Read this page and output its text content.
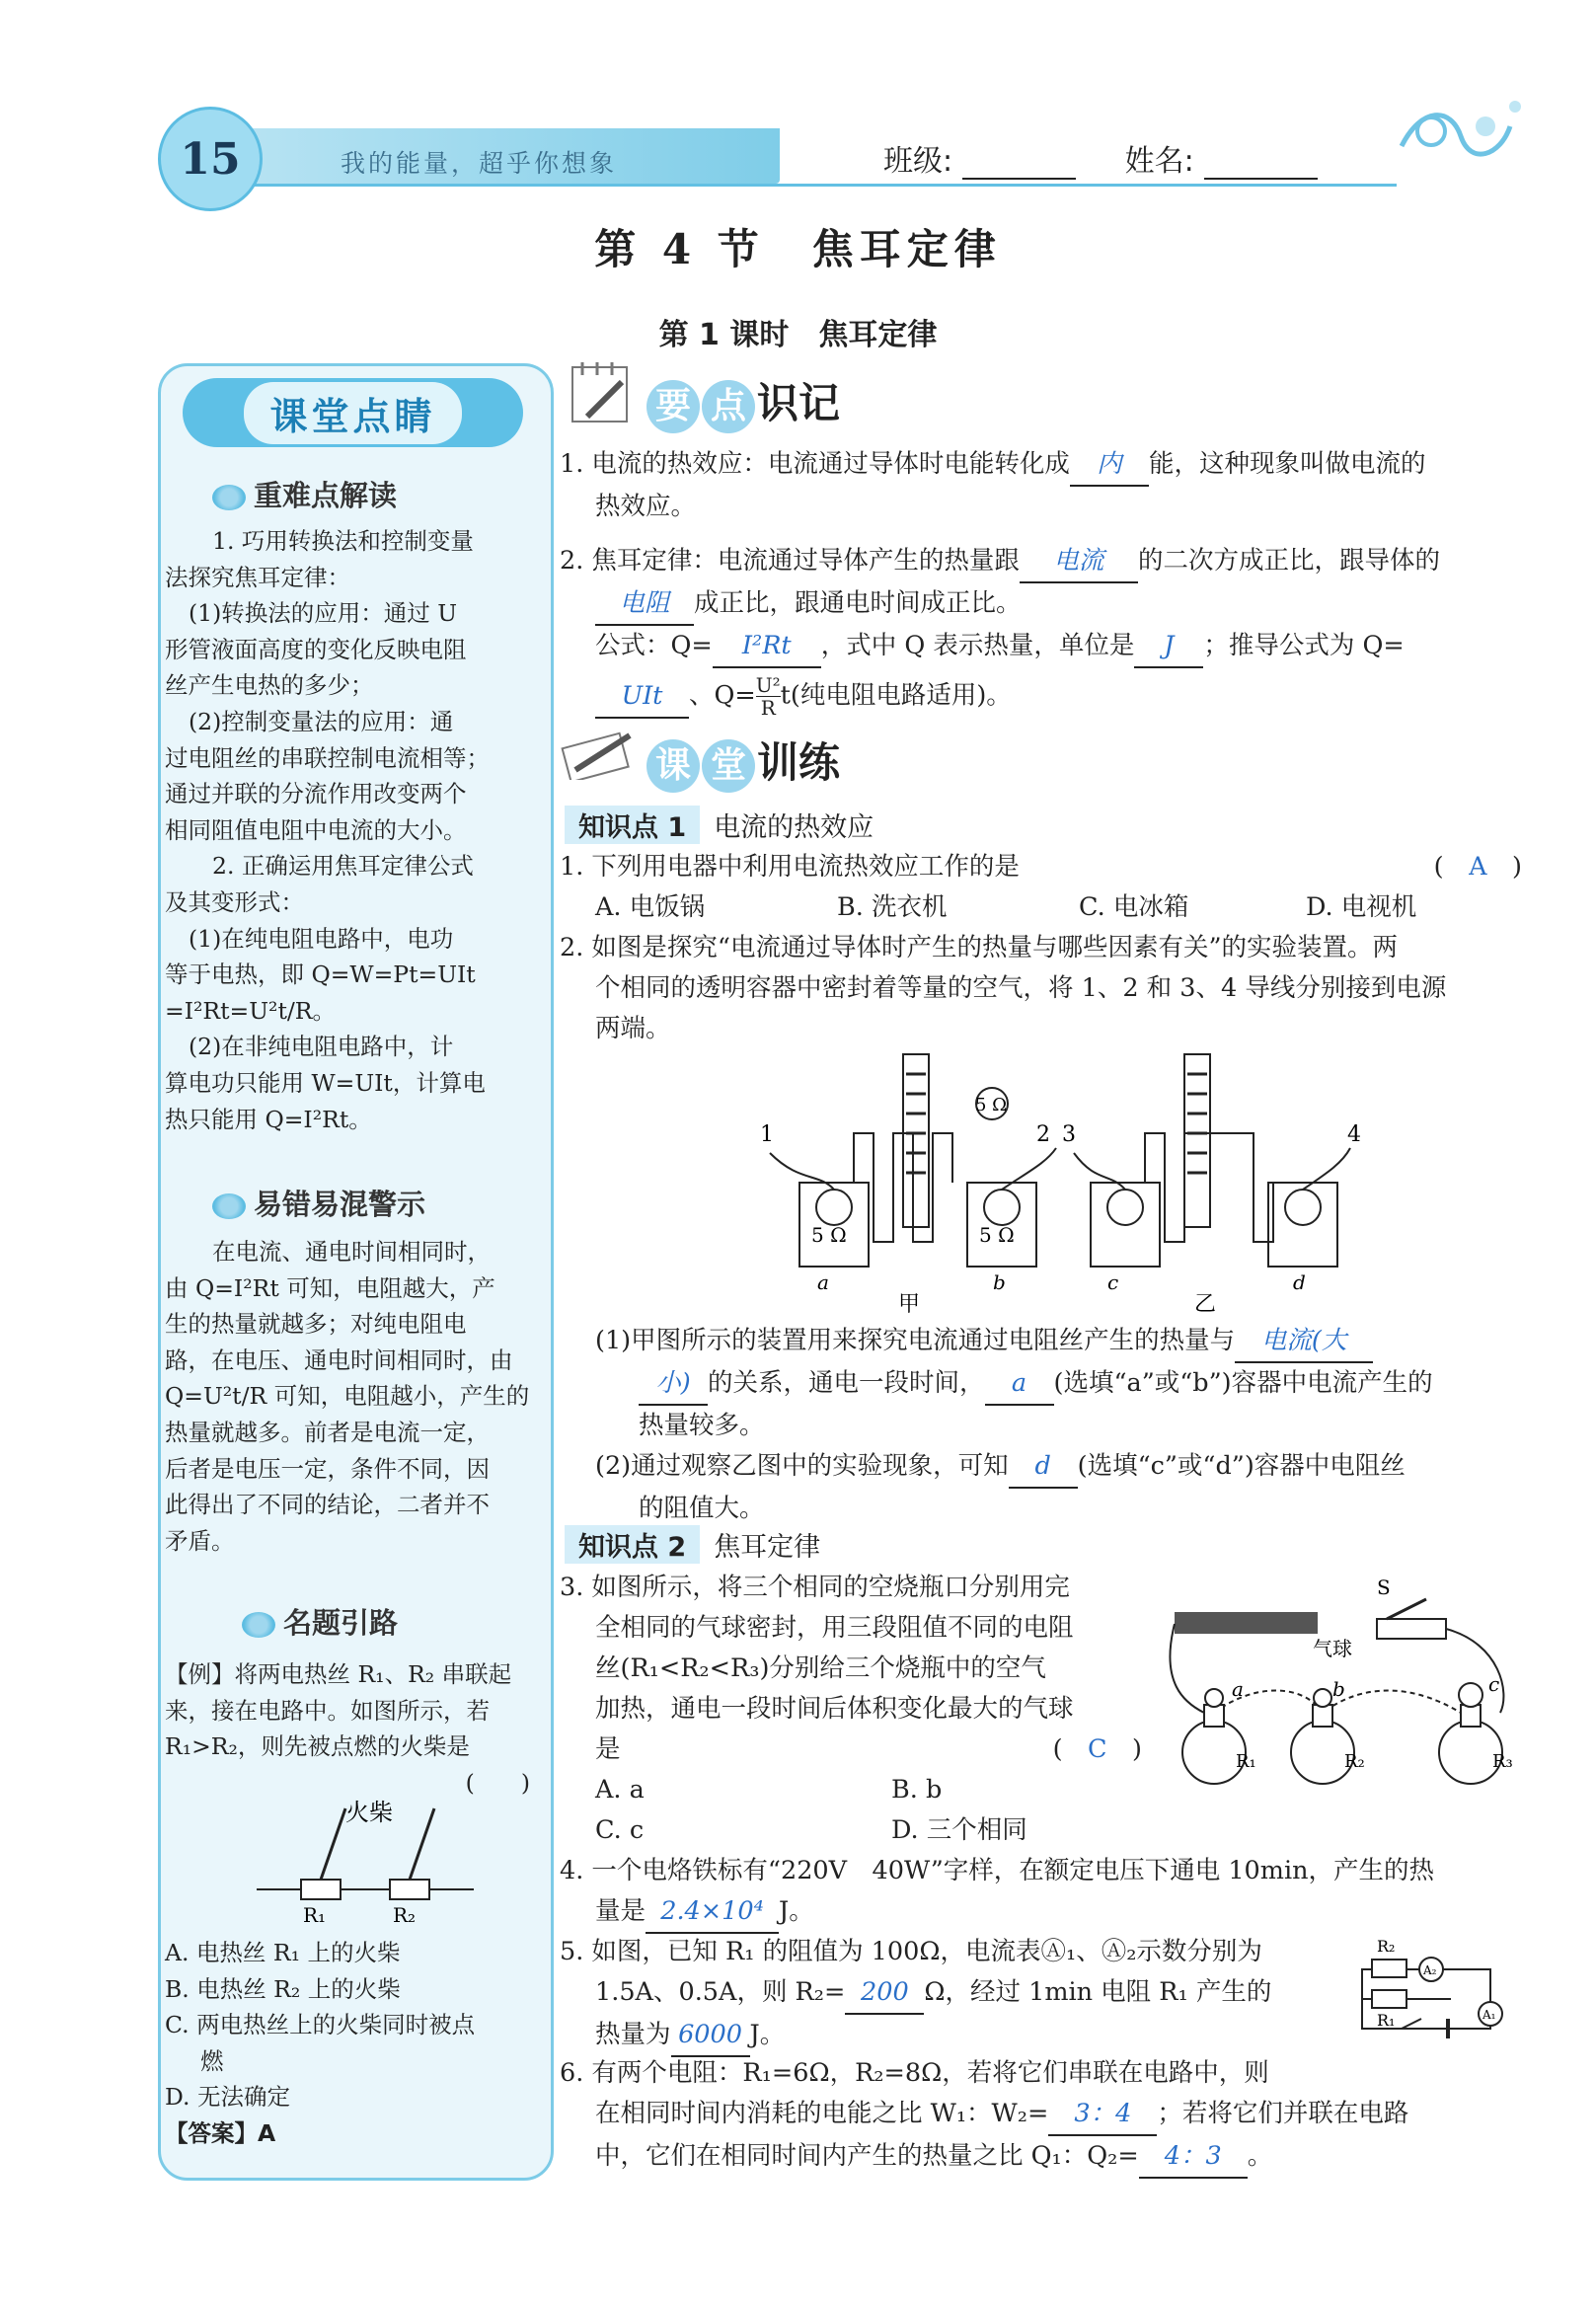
15	我的能量，超乎你想象	班级:	姓名:
第 4 节　焦耳定律
第 1 课时　焦耳定律
课堂点睛
重难点解读
1. 巧用转换法和控制变量
法探究焦耳定律：
(1)转换法的应用：通过 U
形管液面高度的变化反映电阻
丝产生电热的多少；
(2)控制变量法的应用：通
过电阻丝的串联控制电流相等；
通过并联的分流作用改变两个
相同阻值电阻中电流的大小。
2. 正确运用焦耳定律公式
及其变形式：
(1)在纯电阻电路中，电功
等于电热，即 Q=W=Pt=UIt
=I²Rt=U²t/R。
(2)在非纯电阻电路中，计
算电功只能用 W=UIt，计算电
热只能用 Q=I²Rt。
易错易混警示
在电流、通电时间相同时，
由 Q=I²Rt 可知，电阻越大，产
生的热量就越多；对纯电阻电
路，在电压、通电时间相同时，由
Q=U²t/R 可知，电阻越小，产生的
热量就越多。前者是电流一定，
后者是电压一定，条件不同，因
此得出了不同的结论，二者并不
矛盾。
名题引路
【例】将两电热丝 R₁、R₂ 串联起
来，接在电路中。如图所示，若
R₁>R₂，则先被点燃的火柴是
(　　)
火柴
R₁	R₂
A. 电热丝 R₁ 上的火柴
B. 电热丝 R₂ 上的火柴
C. 两电热丝上的火柴同时被点
燃
D. 无法确定
【答案】A
要 点 识记
1. 电流的热效应：电流通过导体时电能转化成 内 能，这种现象叫做电流的
热效应。
2. 焦耳定律：电流通过导体产生的热量跟 电流 的二次方成正比，跟导体的
电阻 成正比，跟通电时间成正比。
公式：Q= I²Rt ，式中 Q 表示热量，单位是 J ；推导公式为 Q=
UIt 、$Q= \frac{\text{U²}}{R} t$(纯电阻电路适用)。
课 堂 训练
知识点 1 电流的热效应
1. 下列用电器中利用电流热效应工作的是	(　A　)
A. 电饭锅	B. 洗衣机	C. 电冰箱	D. 电视机
2. 如图是探究“电流通过导体时产生的热量与哪些因素有关”的实验装置。两
个相同的透明容器中密封着等量的空气，将 1、2 和 3、4 导线分别接到电源
两端。
1	2
5 Ω
5 Ω	5 Ω
a	b
甲
3	4
c	d
乙
(1)甲图所示的装置用来探究电流通过电阻丝产生的热量与 电流(大
小) 的关系，通电一段时间， a (选填“a”或“b”)容器中电流产生的
热量较多。
(2)通过观察乙图中的实验现象，可知 d (选填“c”或“d”)容器中电阻丝
的阻值大。
知识点 2 焦耳定律
3. 如图所示，将三个相同的空烧瓶口分别用完
全相同的气球密封，用三段阻值不同的电阻
丝(R₁<R₂<R₃)分别给三个烧瓶中的空气
加热，通电一段时间后体积变化最大的气球
是	(　C　)
A. a	B. b
C. c	D. 三个相同
S
气球
a	b	c
R₁	R₂	R₃
4. 一个电烙铁标有“220V　40W”字样，在额定电压下通电 10min，产生的热
量是 2.4×10⁴ J。
5. 如图，已知 R₁ 的阻值为 100Ω，电流表Ⓐ₁、Ⓐ₂示数分别为
1.5A、0.5A，则 R₂= 200 Ω，经过 1min 电阻 R₁ 产生的
热量为 6000 J。
R₂
R₁
A₂
A₁
6. 有两个电阻：R₁=6Ω，R₂=8Ω，若将它们串联在电路中，则
在相同时间内消耗的电能之比 W₁：W₂= 3：4 ；若将它们并联在电路
中，它们在相同时间内产生的热量之比 Q₁：Q₂= 4：3 。
